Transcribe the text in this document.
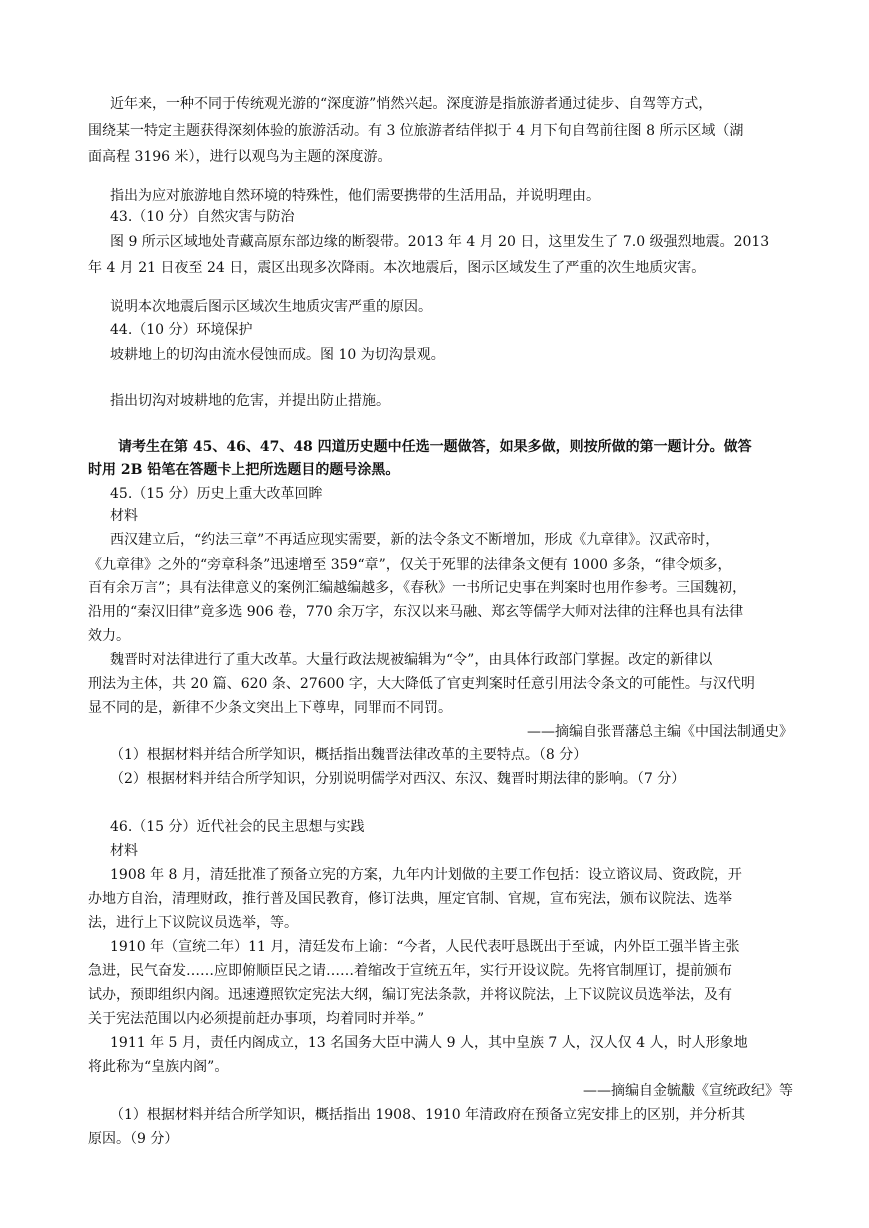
近年来，一种不同于传统观光游的“深度游”悄然兴起。深度游是指旅游者通过徒步、自驾等方式，
围绕某一特定主题获得深刻体验的旅游活动。有 3 位旅游者结伴拟于 4 月下旬自驾前往图 8 所示区域（湖
面高程 3196 米），进行以观鸟为主题的深度游。
指出为应对旅游地自然环境的特殊性，他们需要携带的生活用品，并说明理由。
43.（10 分）自然灾害与防治
图 9 所示区域地处青藏高原东部边缘的断裂带。2013 年 4 月 20 日，这里发生了 7.0 级强烈地震。2013
年 4 月 21 日夜至 24 日，震区出现多次降雨。本次地震后，图示区域发生了严重的次生地质灾害。
说明本次地震后图示区域次生地质灾害严重的原因。
44.（10 分）环境保护
坡耕地上的切沟由流水侵蚀而成。图 10 为切沟景观。
指出切沟对坡耕地的危害，并提出防止措施。
请考生在第 45、46、47、48 四道历史题中任选一题做答，如果多做，则按所做的第一题计分。做答
时用 2B 铅笔在答题卡上把所选题目的题号涂黑。
45.（15 分）历史上重大改革回眸
材料
西汉建立后，“约法三章”不再适应现实需要，新的法令条文不断增加，形成《九章律》。汉武帝时，
《九章律》之外的“旁章科条”迅速增至 359“章”，仅关于死罪的法律条文便有 1000 多条，“律令烦多，
百有余万言”；具有法律意义的案例汇编越编越多，《春秋》一书所记史事在判案时也用作参考。三国魏初，
沿用的“秦汉旧律”竟多选 906 卷，770 余万字，东汉以来马融、郑玄等儒学大师对法律的注释也具有法律
效力。
魏晋时对法律进行了重大改革。大量行政法规被编辑为“令”，由具体行政部门掌握。改定的新律以
刑法为主体，共 20 篇、620 条、27600 字，大大降低了官吏判案时任意引用法令条文的可能性。与汉代明
显不同的是，新律不少条文突出上下尊卑，同罪而不同罚。
——摘编自张晋藩总主编《中国法制通史》
（1）根据材料并结合所学知识，概括指出魏晋法律改革的主要特点。（8 分）
（2）根据材料并结合所学知识，分别说明儒学对西汉、东汉、魏晋时期法律的影响。（7 分）
46.（15 分）近代社会的民主思想与实践
材料
1908 年 8 月，清廷批准了预备立宪的方案，九年内计划做的主要工作包括：设立谘议局、资政院，开
办地方自治，清理财政，推行普及国民教育，修订法典，厘定官制、官规，宣布宪法，颁布议院法、选举
法，进行上下议院议员选举，等。
1910 年（宣统二年）11 月，清廷发布上谕：“今者，人民代表吁恳既出于至诚，内外臣工强半皆主张
急进，民气奋发……应即俯顺臣民之请……着缩改于宣统五年，实行开设议院。先将官制厘订，提前颁布
试办，预即组织内阁。迅速遵照钦定宪法大纲，编订宪法条款，并将议院法，上下议院议员选举法，及有
关于宪法范围以内必须提前赶办事项，均着同时并举。”
1911 年 5 月，责任内阁成立，13 名国务大臣中满人 9 人，其中皇族 7 人，汉人仅 4 人，时人形象地
将此称为“皇族内阁”。
——摘编自金毓黻《宣统政纪》等
（1）根据材料并结合所学知识，概括指出 1908、1910 年清政府在预备立宪安排上的区别，并分析其
原因。（9 分）
